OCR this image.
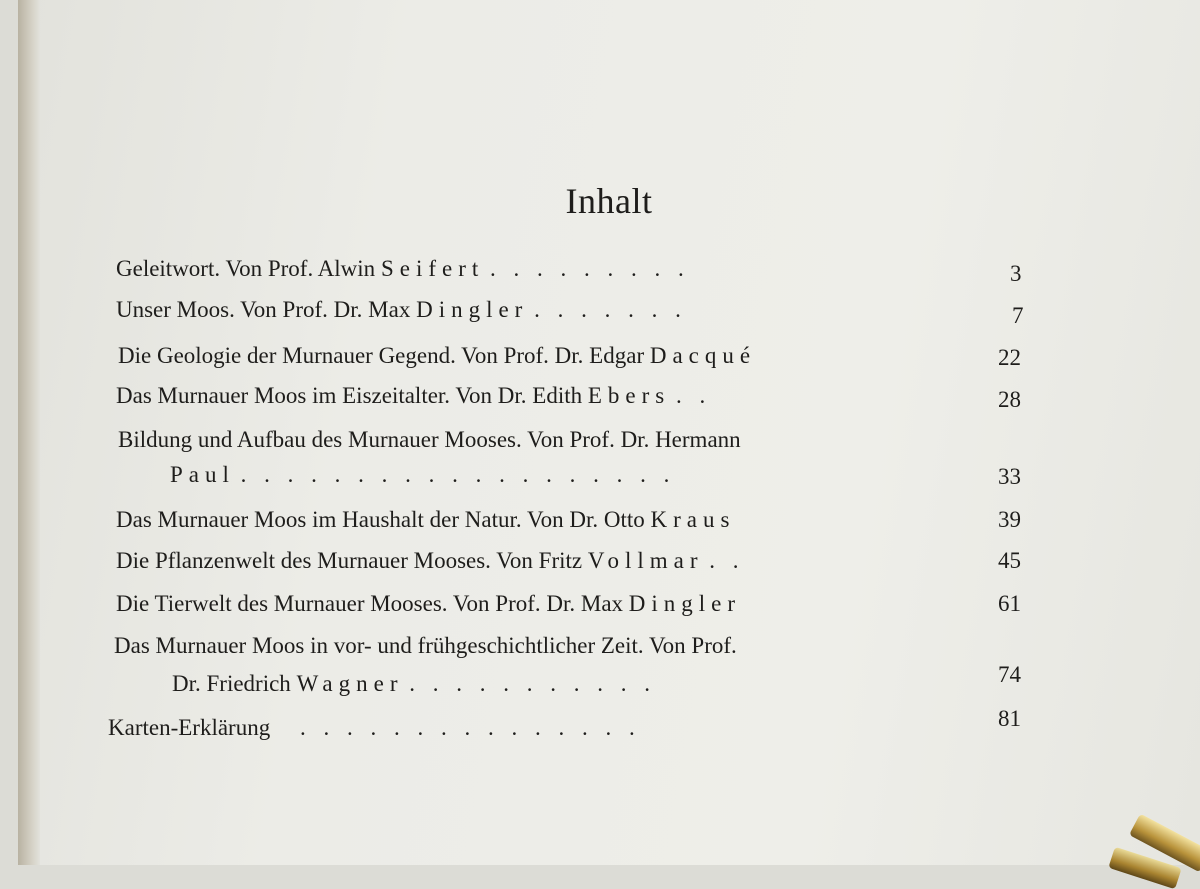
Inhalt
Geleitwort. Von Prof. Alwin Seifert . . . . . . . . .	3
Unser Moos. Von Prof. Dr. Max Dingler . . . . . . .	7
Die Geologie der Murnauer Gegend. Von Prof. Dr. Edgar Dacqué	22
Das Murnauer Moos im Eiszeitalter. Von Dr. Edith Ebers . .	28
Bildung und Aufbau des Murnauer Mooses. Von Prof. Dr. Hermann
Paul . . . . . . . . . . . . . . . . . . .	33
Das Murnauer Moos im Haushalt der Natur. Von Dr. Otto Kraus	39
Die Pflanzenwelt des Murnauer Mooses. Von Fritz Vollmar . .	45
Die Tierwelt des Murnauer Mooses. Von Prof. Dr. Max Dingler	61
Das Murnauer Moos in vor- und frühgeschichtlicher Zeit. Von Prof.
Dr. Friedrich Wagner . . . . . . . . . . .	74
Karten-Erklärung . . . . . . . . . . . . . . .	81
